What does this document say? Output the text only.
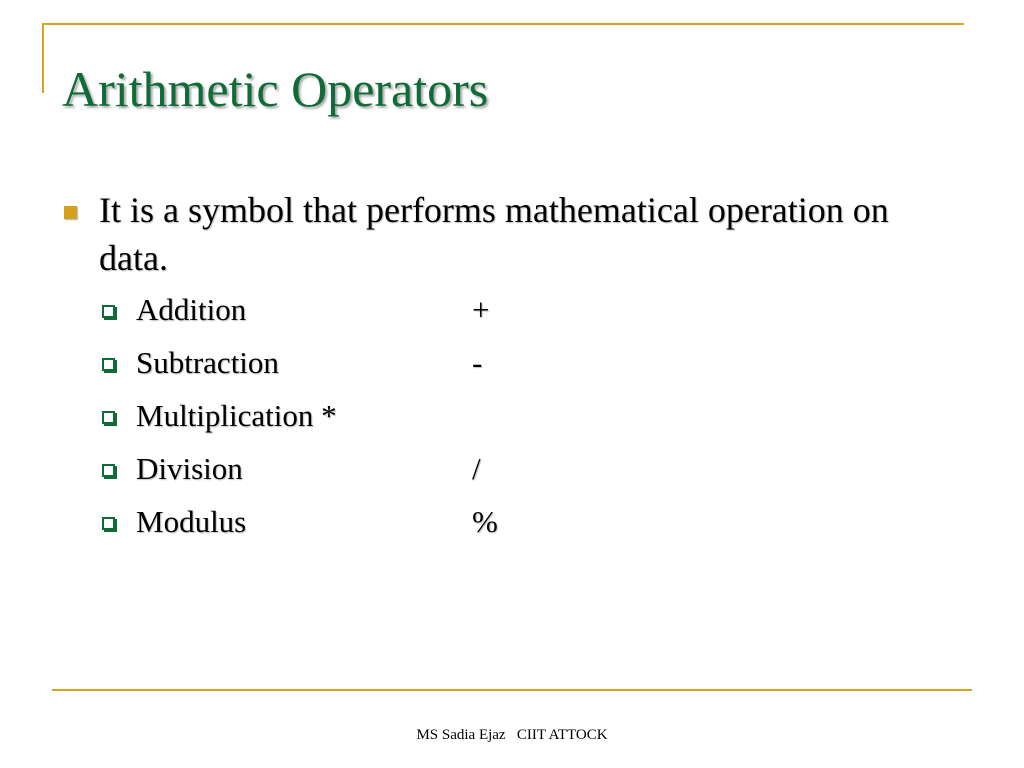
Arithmetic Operators
It is a symbol that performs mathematical operation on data.
Addition	+
Subtraction	-
Multiplication *
Division	/
Modulus	%
MS Sadia Ejaz   CIIT ATTOCK
